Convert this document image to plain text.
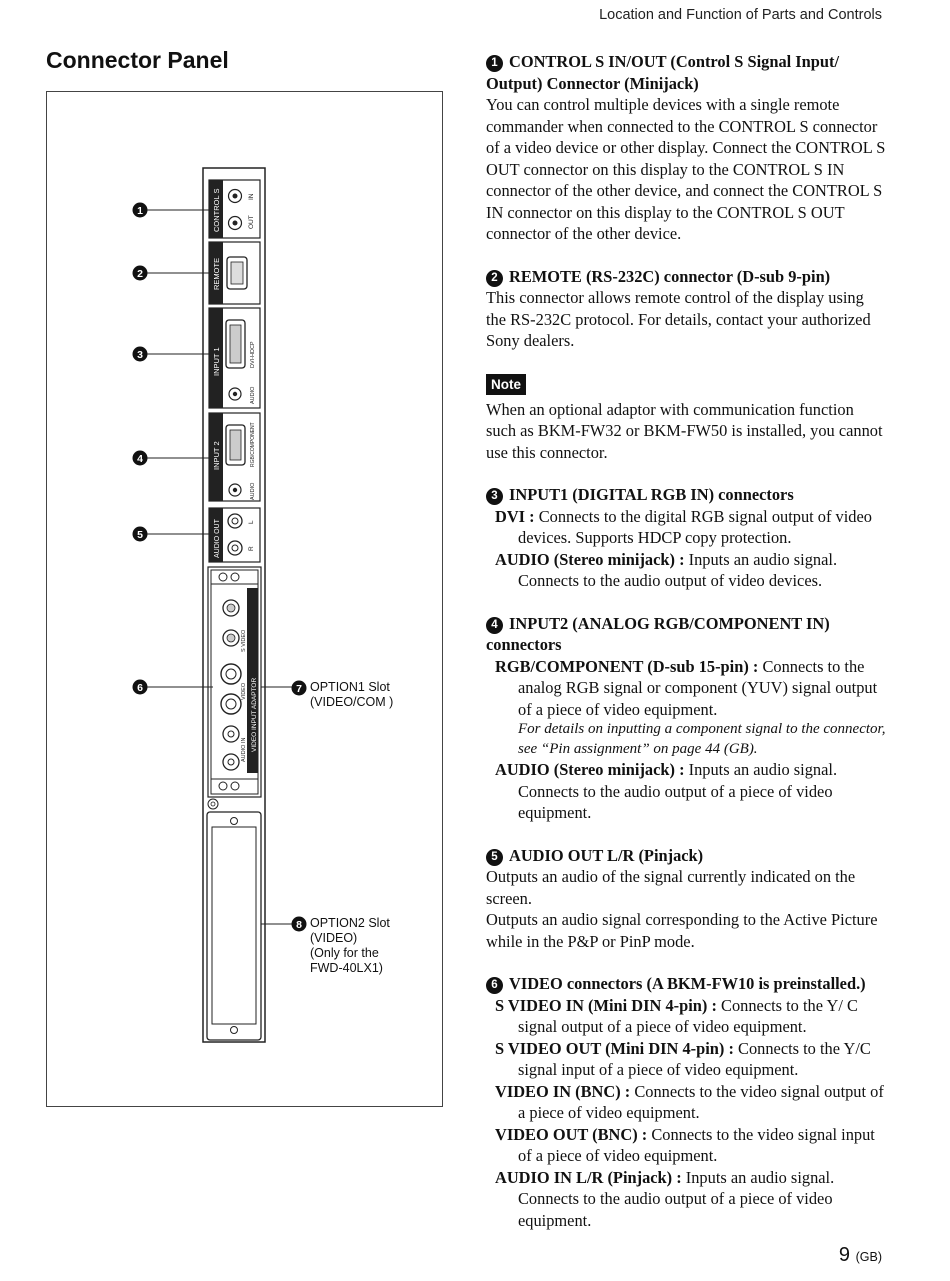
Location and Function of Parts and Controls
Connector Panel
CONTROL S	IN
OUT
REMOTE
INPUT 1	DVI-HDCP
AUDIO
INPUT 2	RGB/COMPONENT
AUDIO
AUDIO OUT	L
R
VIDEO INPUT ADAPTOR
S VIDEO
VIDEO
AUDIO IN
1
2
3
4
5
6	7
8
OPTION1 Slot
(VIDEO/COM )
OPTION2 Slot
(VIDEO)
(Only for the
FWD-40LX1)
1 CONTROL S IN/OUT (Control S Signal Input/ Output) Connector (Minijack)
You can control multiple devices with a single remote commander when connected to the CONTROL S connector of a video device or other display. Connect the CONTROL S OUT connector on this display to the CONTROL S IN connector of the other device, and connect the CONTROL S IN connector on this display to the CONTROL S OUT connector of the other device.
2 REMOTE (RS-232C) connector (D-sub 9-pin)
This connector allows remote control of the display using the RS-232C protocol. For details, contact your authorized Sony dealers.
Note
When an optional adaptor with communication function such as BKM-FW32 or BKM-FW50 is installed, you cannot use this connector.
3 INPUT1 (DIGITAL RGB IN) connectors
DVI : Connects to the digital RGB signal output of video devices. Supports HDCP copy protection.
AUDIO (Stereo minijack) : Inputs an audio signal. Connects to the audio output of video devices.
4 INPUT2 (ANALOG RGB/COMPONENT IN) connectors
RGB/COMPONENT (D-sub 15-pin) : Connects to the analog RGB signal or component (YUV) signal output of a piece of video equipment.
For details on inputting a component signal to the connector, see “Pin assignment” on page 44 (GB).
AUDIO (Stereo minijack) : Inputs an audio signal. Connects to the audio output of a piece of video equipment.
5 AUDIO OUT L/R (Pinjack)
Outputs an audio of the signal currently indicated on the screen.
Outputs an audio signal corresponding to the Active Picture while in the P&P or PinP mode.
6 VIDEO connectors (A BKM-FW10 is preinstalled.)
S VIDEO IN (Mini DIN 4-pin) : Connects to the Y/ C signal output of a piece of video equipment.
S VIDEO OUT (Mini DIN 4-pin) : Connects to the Y/C signal input of a piece of video equipment.
VIDEO IN (BNC) : Connects to the video signal output of a piece of video equipment.
VIDEO OUT (BNC) : Connects to the video signal input of a piece of video equipment.
AUDIO IN L/R (Pinjack) : Inputs an audio signal. Connects to the audio output of a piece of video equipment.
9 (GB)
